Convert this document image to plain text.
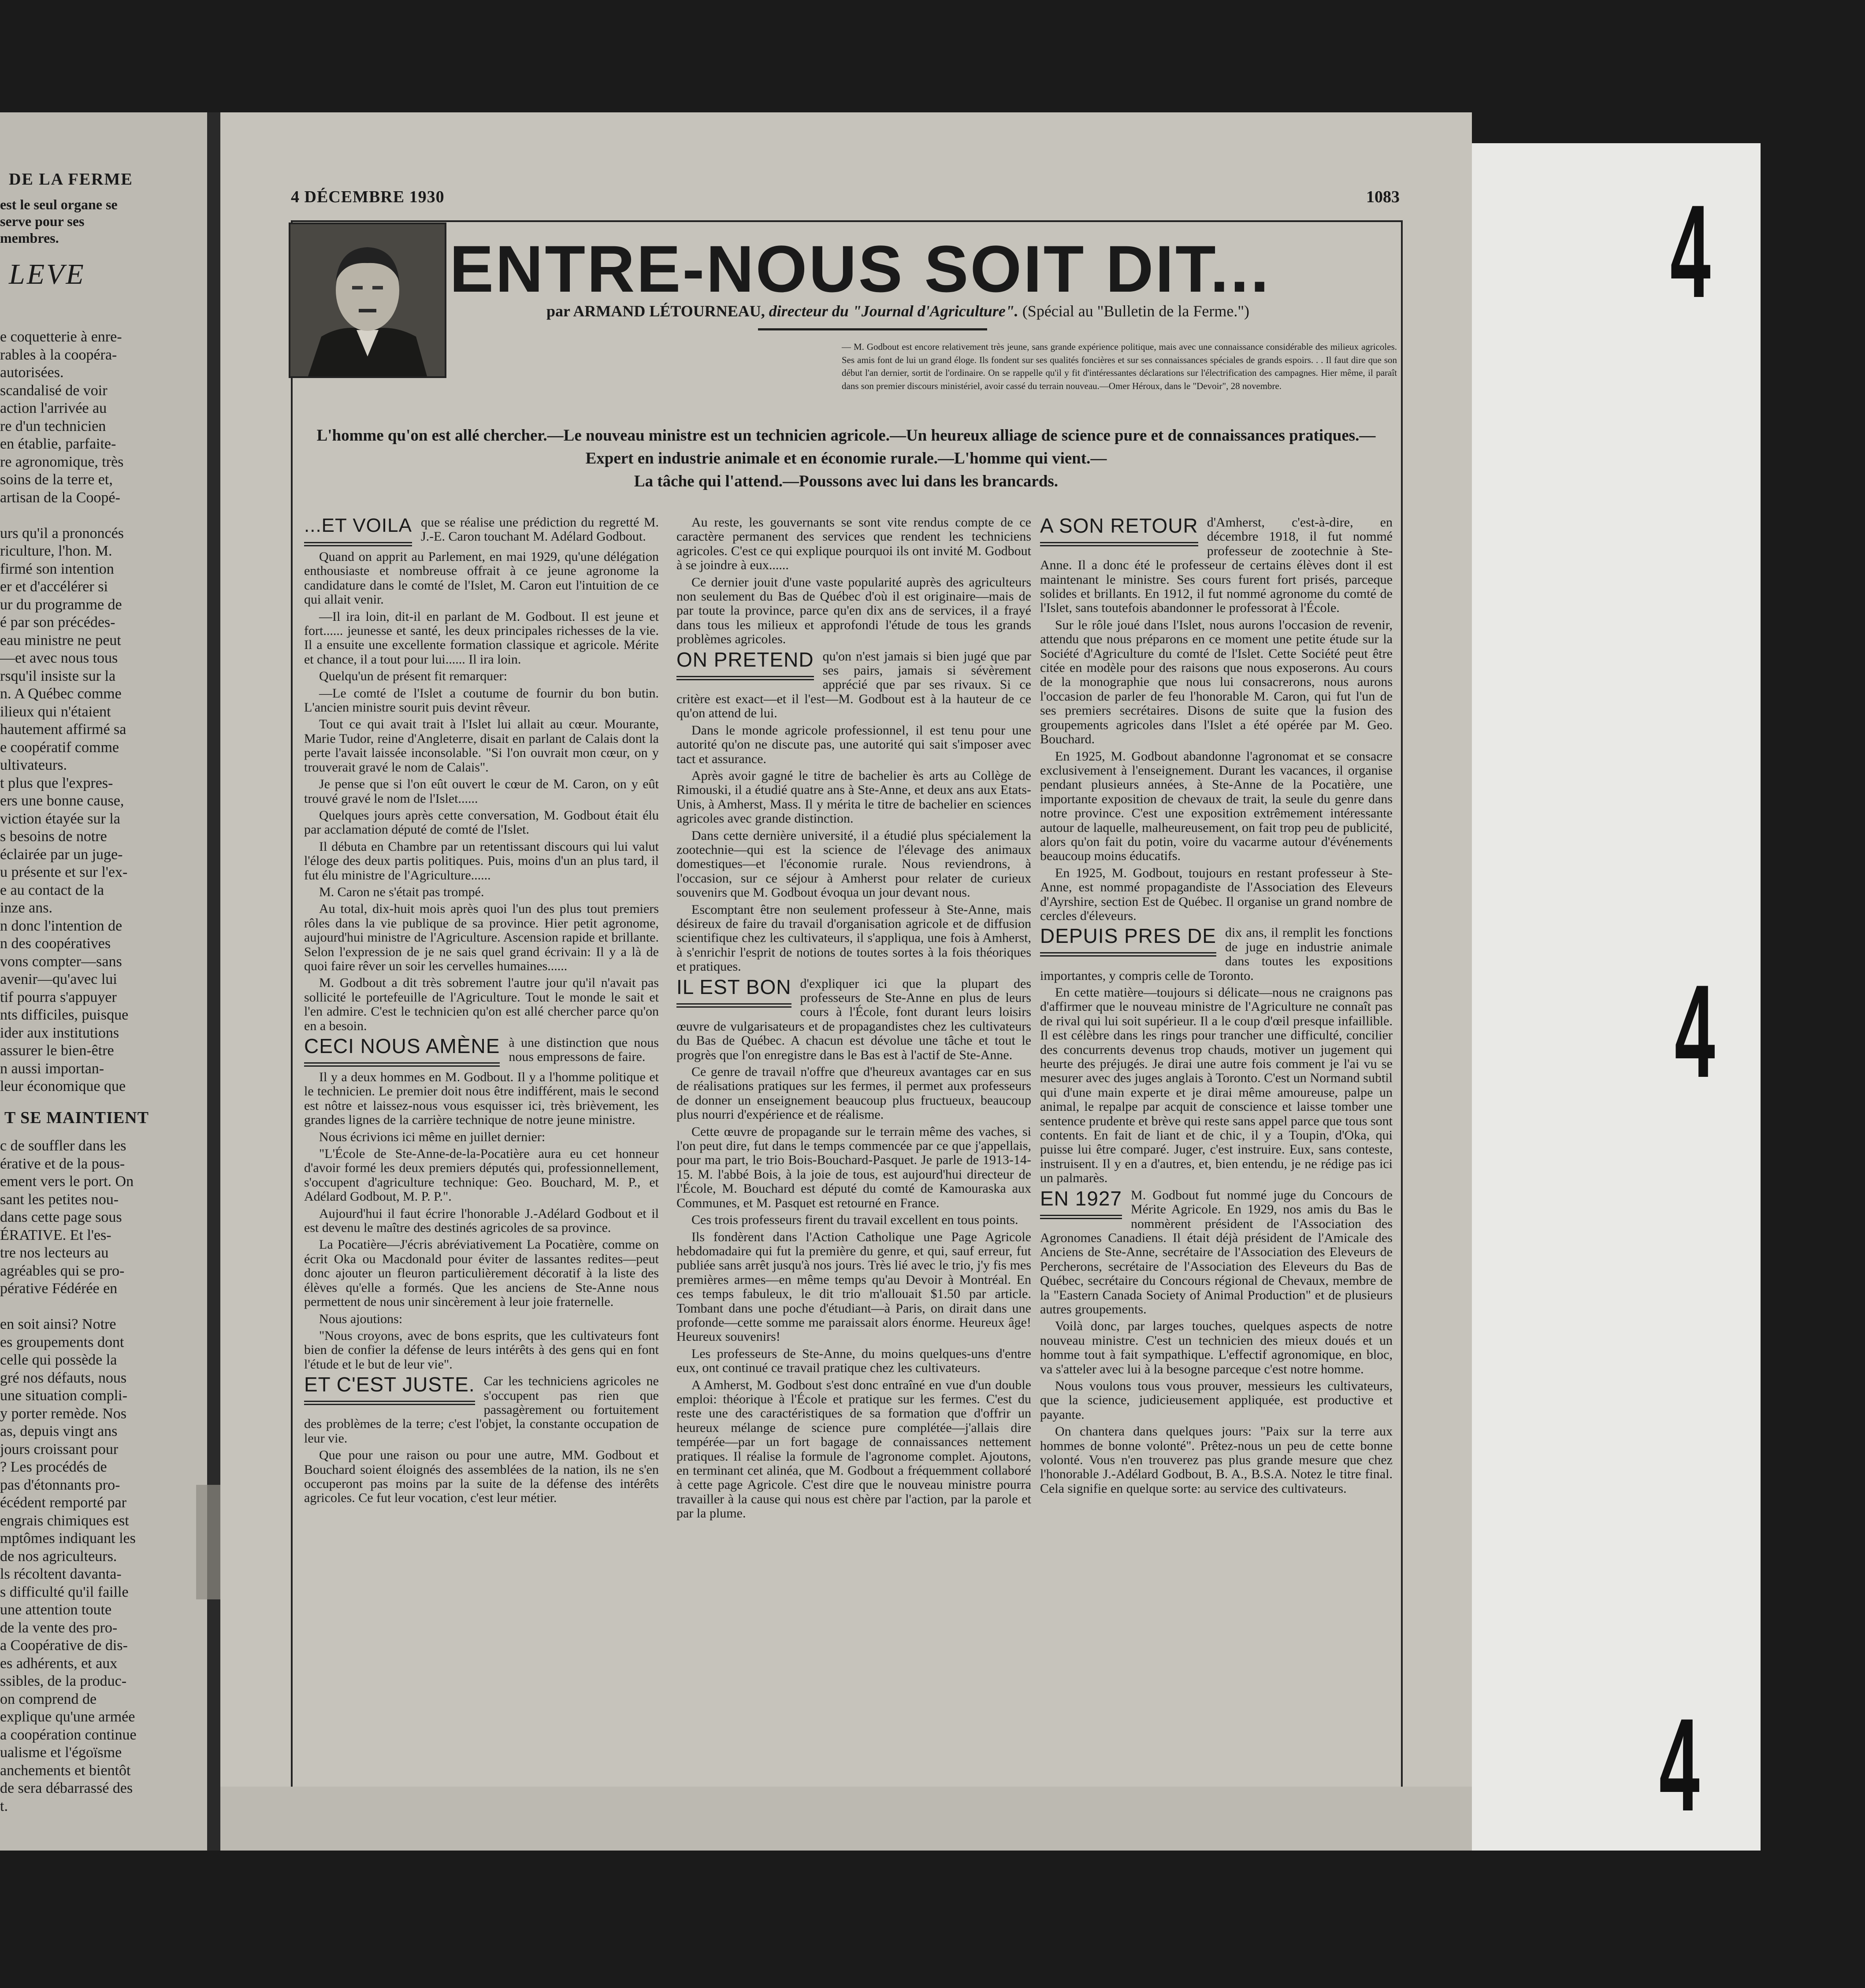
DE LA FERME
est le seul organe se serve pour ses membres.
LEVE
e coquetterie à enre-
rables à la coopéra-
autorisées.
scandalisé de voir
action l'arrivée au
re d'un technicien
en établie, parfaite-
re agronomique, très
soins de la terre et,
artisan de la Coopé-

urs qu'il a prononcés
riculture, l'hon. M.
firmé son intention
er et d'accélérer si
ur du programme de
é par son précédes-
eau ministre ne peut
—et avec nous tous
rsqu'il insiste sur la
n. A Québec comme
ilieux qui n'étaient
hautement affirmé sa
e coopératif comme
ultivateurs.
t plus que l'expres-
ers une bonne cause,
viction étayée sur la
s besoins de notre
éclairée par un juge-
u présente et sur l'ex-
e au contact de la
inze ans.
n donc l'intention de
n des coopératives
vons compter—sans
avenir—qu'avec lui
tif pourra s'appuyer
nts difficiles, puisque
ider aux institutions
assurer le bien-être
n aussi importan-
leur économique que
T SE MAINTIENT
c de souffler dans les
érative et de la pous-
ement vers le port. On
sant les petites nou-
dans cette page sous
ÉRATIVE. Et l'es-
tre nos lecteurs au
agréables qui se pro-
pérative Fédérée en

en soit ainsi? Notre
es groupements dont
celle qui possède la
gré nos défauts, nous
une situation compli-
y porter remède. Nos
as, depuis vingt ans
jours croissant pour
? Les procédés de
pas d'étonnants pro-
écédent remporté par
engrais chimiques est
mptômes indiquant les
de nos agriculteurs.
ls récoltent davanta-
s difficulté qu'il faille
une attention toute
de la vente des pro-
a Coopérative de dis-
es adhérents, et aux
ssibles, de la produc-
on comprend de
explique qu'une armée
a coopération continue
ualisme et l'égoïsme
anchements et bientôt
de sera débarrassé des
t.
4 DÉCEMBRE 1930	1083
ENTRE-NOUS SOIT DIT...
par ARMAND LÉTOURNEAU, directeur du "Journal d'Agriculture". (Spécial au "Bulletin de la Ferme.")
— M. Godbout est encore relativement très jeune, sans grande expérience politique, mais avec une connaissance considérable des milieux agricoles. Ses amis font de lui un grand éloge. Ils fondent sur ses qualités foncières et sur ses connaissances spéciales de grands espoirs. . . Il faut dire que son début l'an dernier, sortit de l'ordinaire. On se rappelle qu'il y fit d'intéressantes déclarations sur l'électrification des campagnes. Hier même, il paraît dans son premier discours ministériel, avoir cassé du terrain nouveau.—Omer Héroux, dans le "Devoir", 28 novembre.
L'homme qu'on est allé chercher.—Le nouveau ministre est un technicien agricole.—Un heureux alliage de science pure et de connaissances pratiques.—Expert en industrie animale et en économie rurale.—L'homme qui vient.—
La tâche qui l'attend.—Poussons avec lui dans les brancards.
...ET VOILA que se réalise une prédiction du regretté M. J.-E. Caron touchant M. Adélard Godbout.

Quand on apprit au Parlement, en mai 1929, qu'une délégation enthousiaste et nombreuse offrait à ce jeune agronome la candidature dans le comté de l'Islet, M. Caron eut l'intuition de ce qui allait venir.

—Il ira loin, dit-il en parlant de M. Godbout. Il est jeune et fort...... jeunesse et santé, les deux principales richesses de la vie. Il a ensuite une excellente formation classique et agricole. Mérite et chance, il a tout pour lui...... Il ira loin.

Quelqu'un de présent fit remarquer:

—Le comté de l'Islet a coutume de fournir du bon butin. L'ancien ministre sourit puis devint rêveur.

Tout ce qui avait trait à l'Islet lui allait au cœur. Mourante, Marie Tudor, reine d'Angleterre, disait en parlant de Calais dont la perte l'avait laissée inconsolable. "Si l'on ouvrait mon cœur, on y trouverait gravé le nom de Calais".

Je pense que si l'on eût ouvert le cœur de M. Caron, on y eût trouvé gravé le nom de l'Islet......

Quelques jours après cette conversation, M. Godbout était élu par acclamation député de comté de l'Islet.

Il débuta en Chambre par un retentissant discours qui lui valut l'éloge des deux partis politiques. Puis, moins d'un an plus tard, il fut élu ministre de l'Agriculture......

M. Caron ne s'était pas trompé.

Au total, dix-huit mois après quoi l'un des plus tout premiers rôles dans la vie publique de sa province. Hier petit agronome, aujourd'hui ministre de l'Agriculture. Ascension rapide et brillante. Selon l'expression de je ne sais quel grand écrivain: Il y a là de quoi faire rêver un soir les cervelles humaines......

M. Godbout a dit très sobrement l'autre jour qu'il n'avait pas sollicité le portefeuille de l'Agriculture. Tout le monde le sait et l'en admire. C'est le technicien qu'on est allé chercher parce qu'on en a besoin.

CECI NOUS AMÈNE à une distinction que nous nous empressons de faire.

Il y a deux hommes en M. Godbout. Il y a l'homme politique et le technicien. Le premier doit nous être indifférent, mais le second est nôtre et laissez-nous vous esquisser ici, très brièvement, les grandes lignes de la carrière technique de notre jeune ministre.

Nous écrivions ici même en juillet dernier:

"L'École de Ste-Anne-de-la-Pocatière aura eu cet honneur d'avoir formé les deux premiers députés qui, professionnellement, s'occupent d'agriculture technique: Geo. Bouchard, M. P., et Adélard Godbout, M. P. P.".

Aujourd'hui il faut écrire l'honorable J.-Adélard Godbout et il est devenu le maître des destinés agricoles de sa province.

La Pocatière—J'écris abréviativement La Pocatière, comme on écrit Oka ou Macdonald pour éviter de lassantes redites—peut donc ajouter un fleuron particulièrement décoratif à la liste des élèves qu'elle a formés. Que les anciens de Ste-Anne nous permettent de nous unir sincèrement à leur joie fraternelle.

Nous ajoutions:

"Nous croyons, avec de bons esprits, que les cultivateurs font bien de confier la défense de leurs intérêts à des gens qui en font l'étude et le but de leur vie".

ET C'EST JUSTE. Car les techniciens agricoles ne s'occupent pas rien que passagèrement ou fortuitement des problèmes de la terre; c'est l'objet, la constante occupation de leur vie.

Que pour une raison ou pour une autre, MM. Godbout et Bouchard soient éloignés des assemblées de la nation, ils ne s'en occuperont pas moins par la suite de la défense des intérêts agricoles. Ce fut leur vocation, c'est leur métier.

Au reste, les gouvernants se sont vite rendus compte de ce caractère permanent des services que rendent les techniciens agricoles. C'est ce qui explique pourquoi ils ont invité M. Godbout à se joindre à eux......

Ce dernier jouit d'une vaste popularité auprès des agriculteurs non seulement du Bas de Québec d'où il est originaire—mais de par toute la province, parce qu'en dix ans de services, il a frayé dans tous les milieux et approfondi l'étude de tous les grands problèmes agricoles.

ON PRETEND qu'on n'est jamais si bien jugé que par ses pairs, jamais si sévèrement apprécié que par ses rivaux. Si ce critère est exact—et il l'est—M. Godbout est à la hauteur de ce qu'on attend de lui.

Dans le monde agricole professionnel, il est tenu pour une autorité qu'on ne discute pas, une autorité qui sait s'imposer avec tact et assurance.

Après avoir gagné le titre de bachelier ès arts au Collège de Rimouski, il a étudié quatre ans à Ste-Anne, et deux ans aux Etats-Unis, à Amherst, Mass. Il y mérita le titre de bachelier en sciences agricoles avec grande distinction.

Dans cette dernière université, il a étudié plus spécialement la zootechnie—qui est la science de l'élevage des animaux domestiques—et l'économie rurale. Nous reviendrons, à l'occasion, sur ce séjour à Amherst pour relater de curieux souvenirs que M. Godbout évoqua un jour devant nous.

Escomptant être non seulement professeur à Ste-Anne, mais désireux de faire du travail d'organisation agricole et de diffusion scientifique chez les cultivateurs, il s'appliqua, une fois à Amherst, à s'enrichir l'esprit de notions de toutes sortes à la fois théoriques et pratiques.

IL EST BON d'expliquer ici que la plupart des professeurs de Ste-Anne en plus de leurs cours à l'École, font durant leurs loisirs œuvre de vulgarisateurs et de propagandistes chez les cultivateurs du Bas de Québec. A chacun est dévolue une tâche et tout le progrès que l'on enregistre dans le Bas est à l'actif de Ste-Anne.

Ce genre de travail n'offre que d'heureux avantages car en sus de réalisations pratiques sur les fermes, il permet aux professeurs de donner un enseignement beaucoup plus fructueux, beaucoup plus nourri d'expérience et de réalisme.

Cette œuvre de propagande sur le terrain même des vaches, si l'on peut dire, fut dans le temps commencée par ce que j'appellais, pour ma part, le trio Bois-Bouchard-Pasquet. Je parle de 1913-14-15. M. l'abbé Bois, à la joie de tous, est aujourd'hui directeur de l'École, M. Bouchard est député du comté de Kamouraska aux Communes, et M. Pasquet est retourné en France.

Ces trois professeurs firent du travail excellent en tous points.

Ils fondèrent dans l'Action Catholique une Page Agricole hebdomadaire qui fut la première du genre, et qui, sauf erreur, fut publiée sans arrêt jusqu'à nos jours. Très lié avec le trio, j'y fis mes premières armes—en même temps qu'au Devoir à Montréal. En ces temps fabuleux, le dit trio m'allouait $1.50 par article. Tombant dans une poche d'étudiant—à Paris, on dirait dans une profonde—cette somme me paraissait alors énorme. Heureux âge! Heureux souvenirs!

Les professeurs de Ste-Anne, du moins quelques-uns d'entre eux, ont continué ce travail pratique chez les cultivateurs.

A Amherst, M. Godbout s'est donc entraîné en vue d'un double emploi: théorique à l'École et pratique sur les fermes. C'est du reste une des caractéristiques de sa formation que d'offrir un heureux mélange de science pure complétée—j'allais dire tempérée—par un fort bagage de connaissances nettement pratiques. Il réalise la formule de l'agronome complet. Ajoutons, en terminant cet alinéa, que M. Godbout a fréquemment collaboré à cette page Agricole. C'est dire que le nouveau ministre pourra travailler à la cause qui nous est chère par l'action, par la parole et par la plume.

A SON RETOUR d'Amherst, c'est-à-dire, en décembre 1918, il fut nommé professeur de zootechnie à Ste-Anne. Il a donc été le professeur de certains élèves dont il est maintenant le ministre. Ses cours furent fort prisés, parceque solides et brillants. En 1912, il fut nommé agronome du comté de l'Islet, sans toutefois abandonner le professorat à l'École.

Sur le rôle joué dans l'Islet, nous aurons l'occasion de revenir, attendu que nous préparons en ce moment une petite étude sur la Société d'Agriculture du comté de l'Islet. Cette Société peut être citée en modèle pour des raisons que nous exposerons. Au cours de la monographie que nous lui consacrerons, nous aurons l'occasion de parler de feu l'honorable M. Caron, qui fut l'un de ses premiers secrétaires. Disons de suite que la fusion des groupements agricoles dans l'Islet a été opérée par M. Geo. Bouchard.

En 1925, M. Godbout abandonne l'agronomat et se consacre exclusivement à l'enseignement. Durant les vacances, il organise pendant plusieurs années, à Ste-Anne de la Pocatière, une importante exposition de chevaux de trait, la seule du genre dans notre province. C'est une exposition extrêmement intéressante autour de laquelle, malheureusement, on fait trop peu de publicité, alors qu'on fait du potin, voire du vacarme autour d'événements beaucoup moins éducatifs.

En 1925, M. Godbout, toujours en restant professeur à Ste-Anne, est nommé propagandiste de l'Association des Eleveurs d'Ayrshire, section Est de Québec. Il organise un grand nombre de cercles d'éleveurs.

DEPUIS PRES DE dix ans, il remplit les fonctions de juge en industrie animale dans toutes les expositions importantes, y compris celle de Toronto.

En cette matière—toujours si délicate—nous ne craignons pas d'affirmer que le nouveau ministre de l'Agriculture ne connaît pas de rival qui lui soit supérieur. Il a le coup d'œil presque infaillible. Il est célèbre dans les rings pour trancher une difficulté, concilier des concurrents devenus trop chauds, motiver un jugement qui heurte des préjugés. Je dirai une autre fois comment je l'ai vu se mesurer avec des juges anglais à Toronto. C'est un Normand subtil qui d'une main experte et je dirai même amoureuse, palpe un animal, le repalpe par acquit de conscience et laisse tomber une sentence prudente et brève qui reste sans appel parce que tous sont contents. En fait de liant et de chic, il y a Toupin, d'Oka, qui puisse lui être comparé. Juger, c'est instruire. Eux, sans conteste, instruisent. Il y en a d'autres, et, bien entendu, je ne rédige pas ici un palmarès.

EN 1927 M. Godbout fut nommé juge du Concours de Mérite Agricole. En 1929, nos amis du Bas le nommèrent président de l'Association des Agronomes Canadiens. Il était déjà président de l'Amicale des Anciens de Ste-Anne, secrétaire de l'Association des Eleveurs de Percherons, secrétaire de l'Association des Eleveurs du Bas de Québec, secrétaire du Concours régional de Chevaux, membre de la "Eastern Canada Society of Animal Production" et de plusieurs autres groupements.

Voilà donc, par larges touches, quelques aspects de notre nouveau ministre. C'est un technicien des mieux doués et un homme tout à fait sympathique. L'effectif agronomique, en bloc, va s'atteler avec lui à la besogne parceque c'est notre homme.

Nous voulons tous vous prouver, messieurs les cultivateurs, que la science, judicieusement appliquée, est productive et payante.

On chantera dans quelques jours: "Paix sur la terre aux hommes de bonne volonté". Prêtez-nous un peu de cette bonne volonté. Vous n'en trouverez pas plus grande mesure que chez l'honorable J.-Adélard Godbout, B. A., B.S.A. Notez le titre final. Cela signifie en quelque sorte: au service des cultivateurs.

4
4
4
